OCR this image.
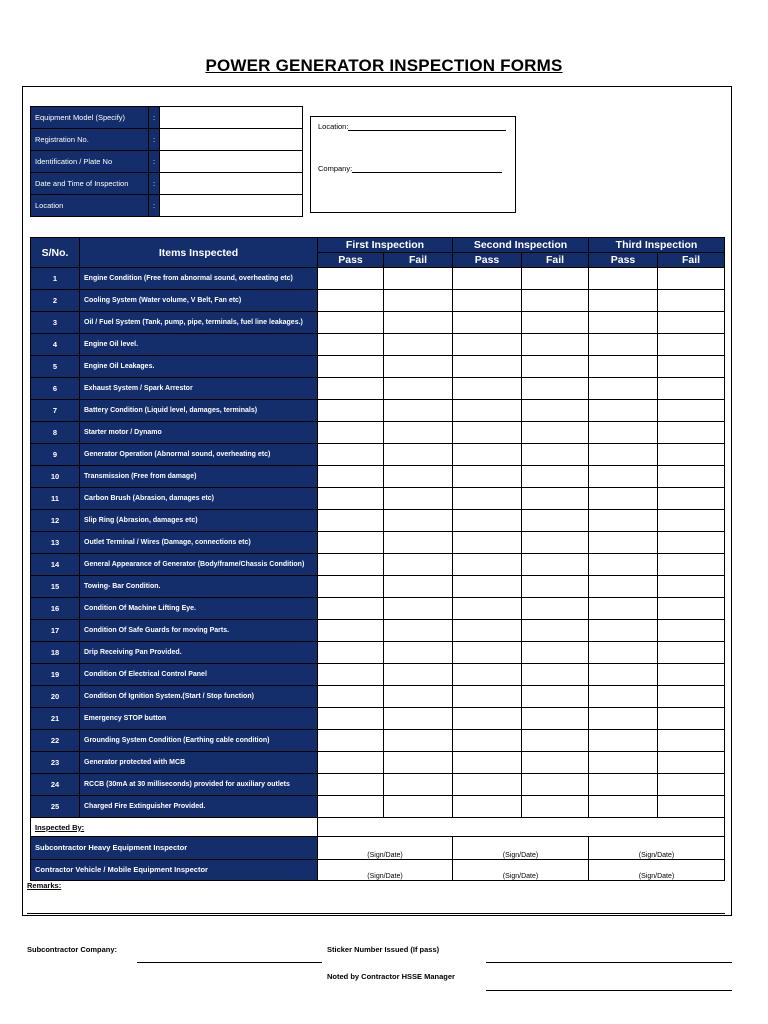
POWER GENERATOR INSPECTION FORMS
Equipment Model (Specify)	:	
Registration No.	:	
Identification / Plate No	:	
Date and Time of Inspection	:	
Location	:	
Location:
Company:
S/No.	Items Inspected	First Inspection		Second Inspection		Third Inspection	
		Pass	Fail	Pass	Fail	Pass	Fail
1	Engine Condition (Free from abnormal sound, overheating etc)						
2	Cooling System (Water volume, V Belt, Fan etc)						
3	Oil / Fuel System (Tank, pump, pipe, terminals, fuel line leakages.)						
4	Engine Oil level.						
5	Engine Oil Leakages.						
6	Exhaust System / Spark Arrestor						
7	Battery Condition (Liquid level, damages, terminals)						
8	Starter motor / Dynamo						
9	Generator Operation (Abnormal sound, overheating etc)						
10	Transmission (Free from damage)						
11	Carbon Brush (Abrasion, damages etc)						
12	Slip Ring (Abrasion, damages etc)						
13	Outlet Terminal / Wires (Damage, connections etc)						
14	General Appearance of Generator (Body/frame/Chassis Condition)						
15	Towing- Bar Condition.						
16	Condition Of Machine Lifting Eye.						
17	Condition Of Safe Guards for moving Parts.						
18	Drip Receiving Pan Provided.						
19	Condition Of Electrical Control Panel						
20	Condition Of Ignition System.(Start / Stop function)						
21	Emergency STOP button						
22	Grounding System Condition (Earthing cable condition)						
23	Generator protected with MCB						
24	RCCB (30mA at 30 milliseconds) provided for auxiliary outlets						
25	Charged Fire Extinguisher Provided.						
Inspected By:							
Subcontractor Heavy Equipment Inspector		(Sign/Date)		(Sign/Date)		(Sign/Date)	
Contractor Vehicle / Mobile Equipment Inspector		(Sign/Date)		(Sign/Date)		(Sign/Date)	
Remarks:
Subcontractor Company:	Sticker Number Issued (If pass)
Noted by Contractor HSSE Manager
